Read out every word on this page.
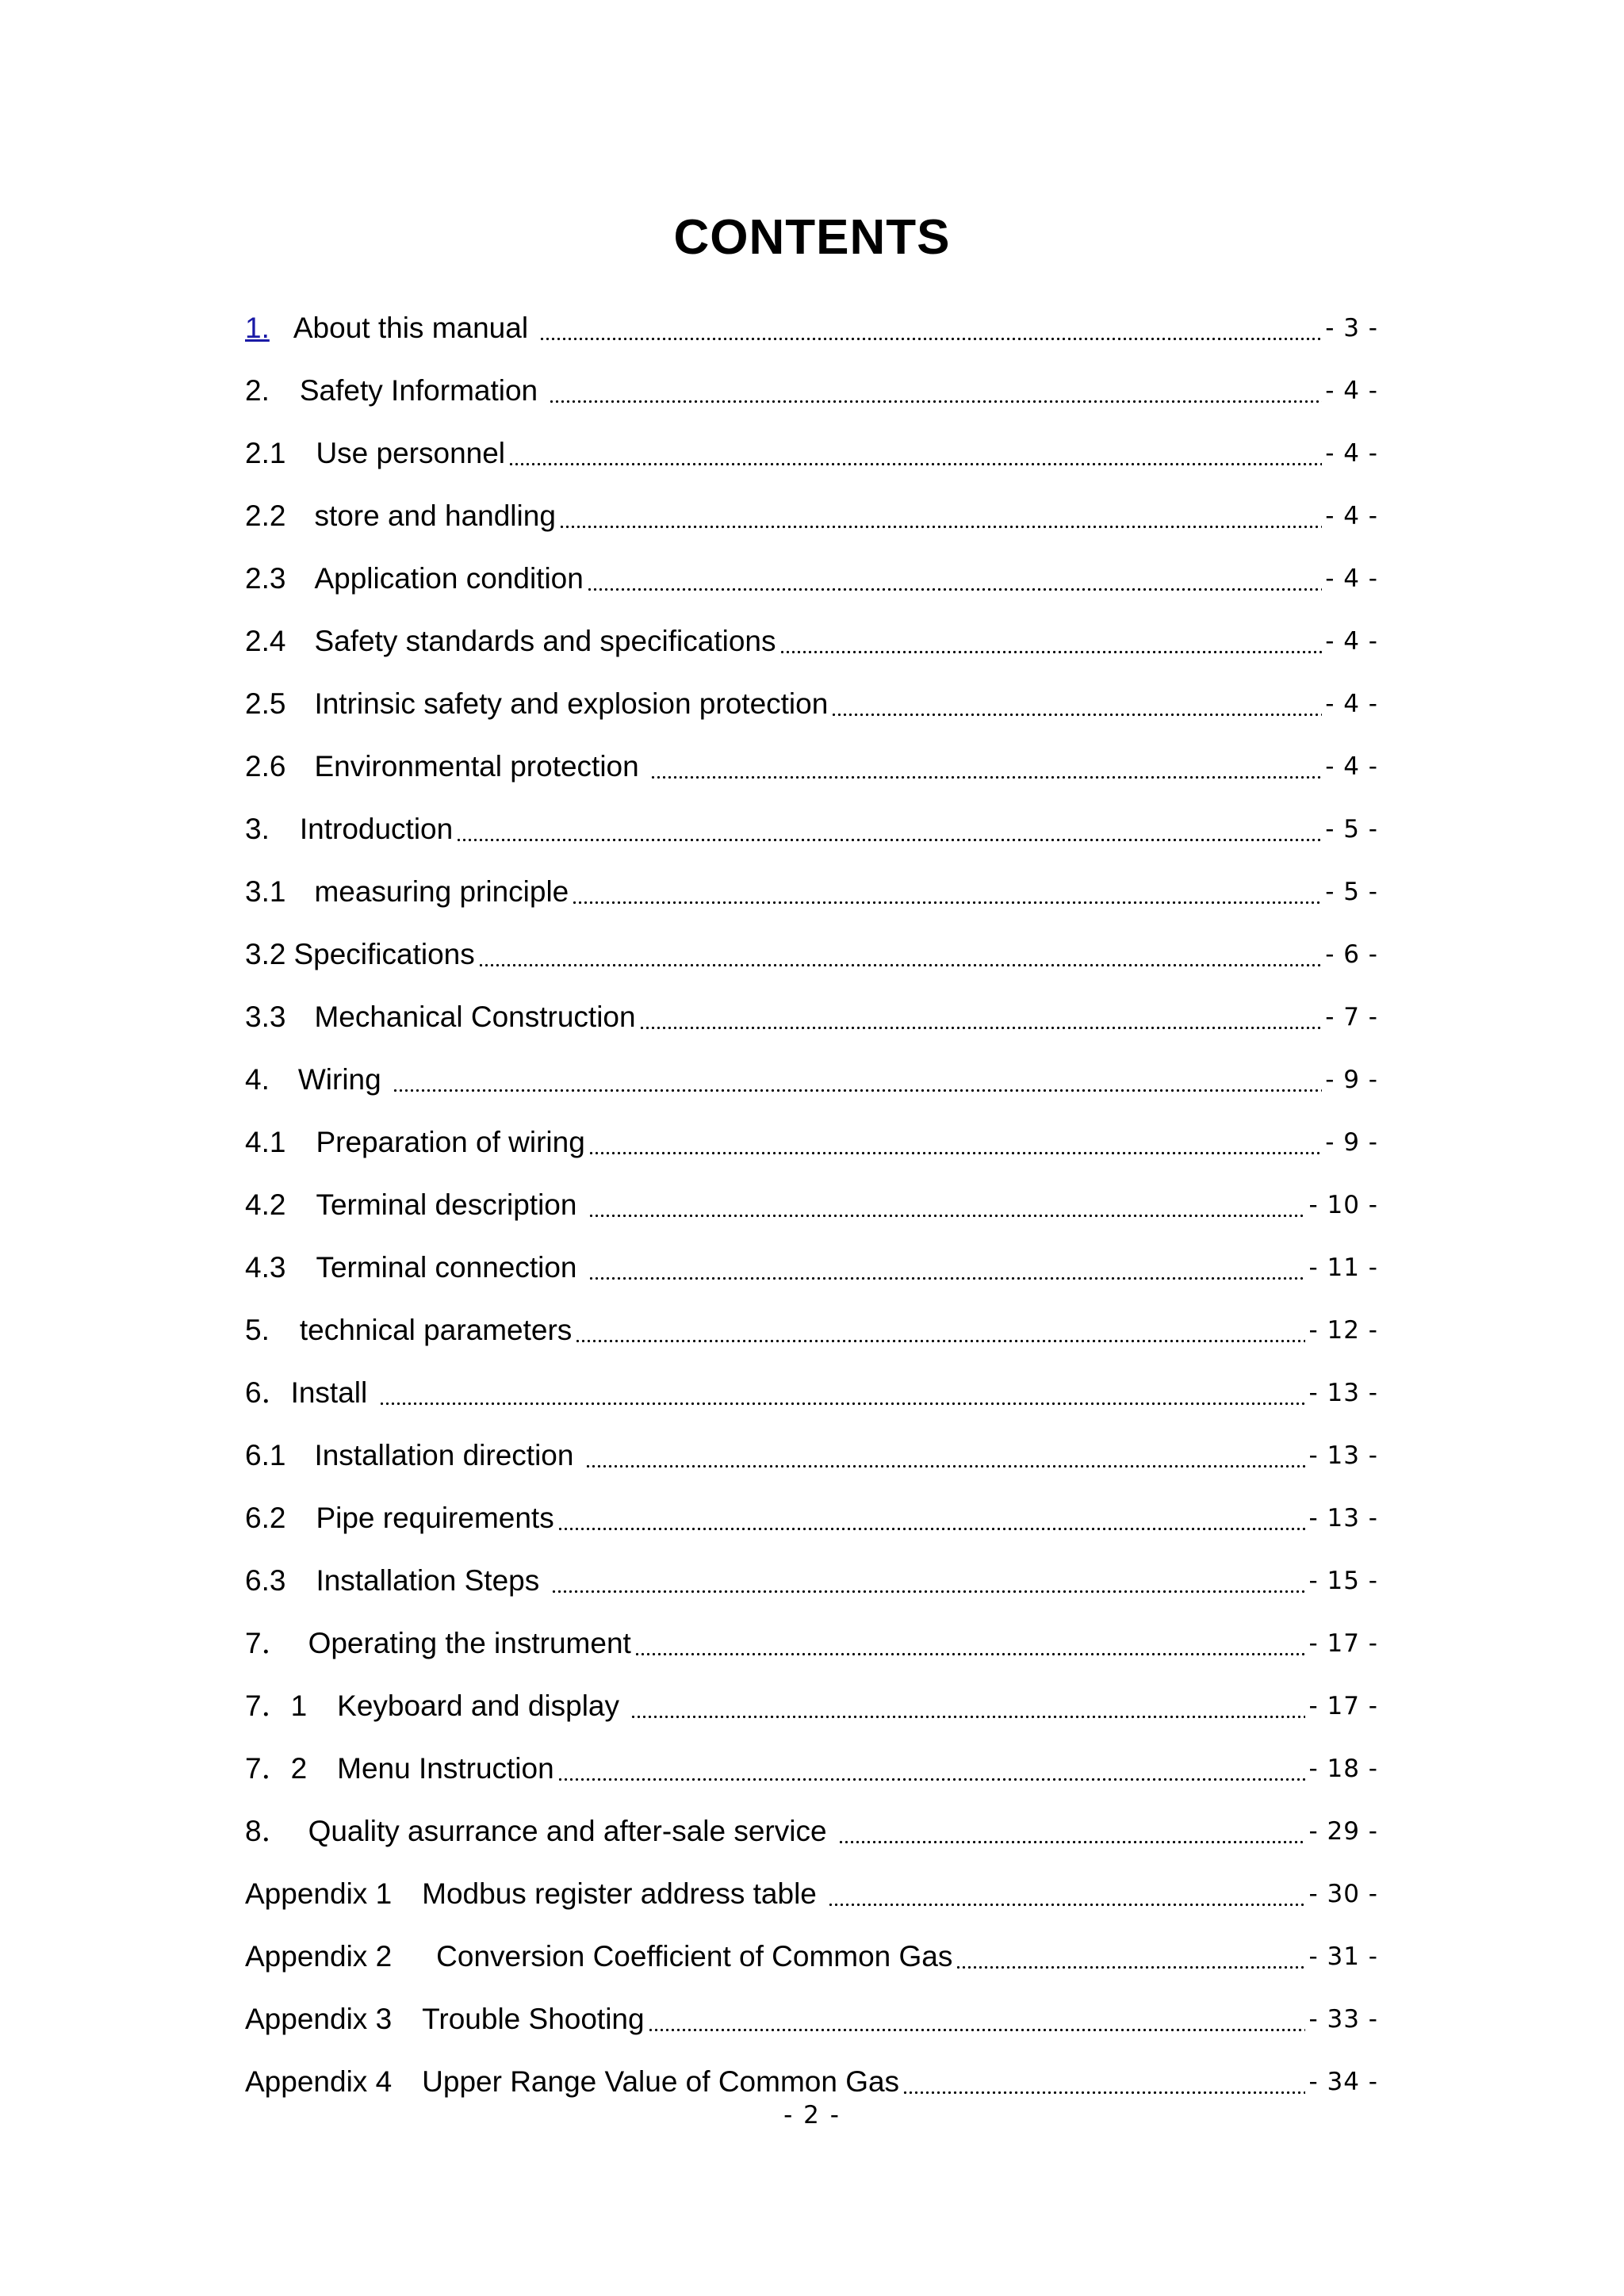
CONTENTS
1. About this manual	- 3 -
2. Safety Information	- 4 -
2.1 Use personnel	- 4 -
2.2 store and handling	- 4 -
2.3 Application condition	- 4 -
2.4 Safety standards and specifications	- 4 -
2.5 Intrinsic safety and explosion protection	- 4 -
2.6 Environmental protection	- 4 -
3. Introduction	- 5 -
3.1 measuring principle	- 5 -
3.2 Specifications	- 6 -
3.3 Mechanical Construction	- 7 -
4. Wiring	- 9 -
4.1 Preparation of wiring	- 9 -
4.2 Terminal description	- 10 -
4.3 Terminal connection	- 11 -
5. technical parameters	- 12 -
6． Install	- 13 -
6.1 Installation direction	- 13 -
6.2 Pipe requirements	- 13 -
6.3 Installation Steps	- 15 -
7． Operating the instrument	- 17 -
7．1 Keyboard and display	- 17 -
7．2 Menu Instruction	- 18 -
8． Quality asurrance and after-sale service	- 29 -
Appendix 1 Modbus register address table	- 30 -
Appendix 2 Conversion Coefficient of Common Gas	- 31 -
Appendix 3 Trouble Shooting	- 33 -
Appendix 4 Upper Range Value of Common Gas	- 34 -
- 2 -
